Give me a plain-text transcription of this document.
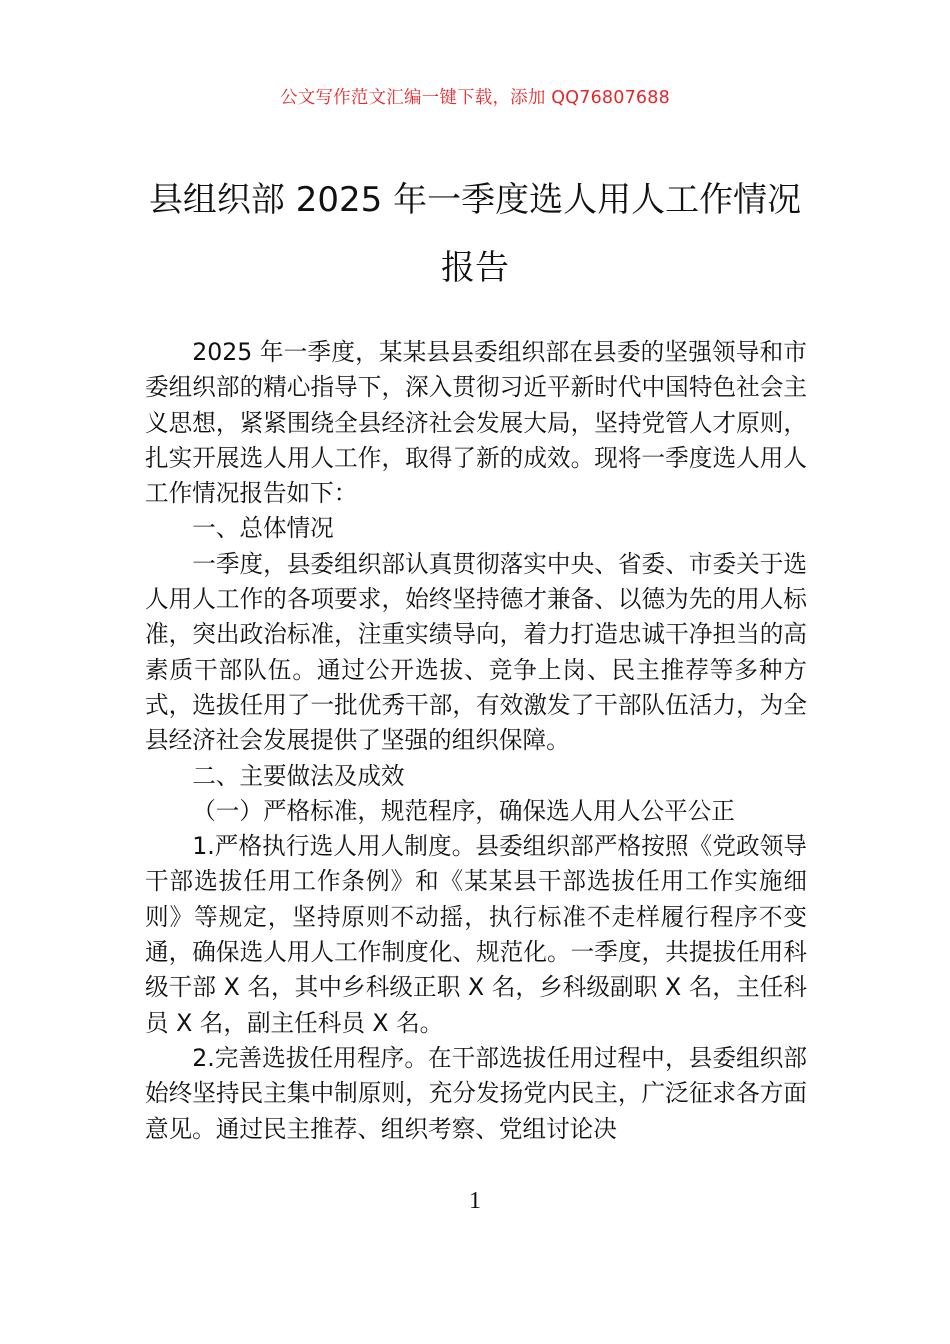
公文写作范文汇编一键下载，添加 QQ76807688
县组织部 2025 年一季度选人用人工作情况
报告

2025 年一季度，某某县县委组织部在县委的坚强领导和市委组织部的精心指导下，深入贯彻习近平新时代中国特色社会主义思想，紧紧围绕全县经济社会发展大局，坚持党管人才原则，扎实开展选人用人工作，取得了新的成效。现将一季度选人用人工作情况报告如下：

一、总体情况

一季度，县委组织部认真贯彻落实中央、省委、市委关于选人用人工作的各项要求，始终坚持德才兼备、以德为先的用人标准，突出政治标准，注重实绩导向，着力打造忠诚干净担当的高素质干部队伍。通过公开选拔、竞争上岗、民主推荐等多种方式，选拔任用了一批优秀干部，有效激发了干部队伍活力，为全县经济社会发展提供了坚强的组织保障。

二、主要做法及成效

（一）严格标准，规范程序，确保选人用人公平公正

1.严格执行选人用人制度。县委组织部严格按照《党政领导干部选拔任用工作条例》和《某某县干部选拔任用工作实施细则》等规定，坚持原则不动摇，执行标准不走样履行程序不变通，确保选人用人工作制度化、规范化。一季度，共提拔任用科级干部 X 名，其中乡科级正职 X 名，乡科级副职 X 名，主任科员 X 名，副主任科员 X 名。

2.完善选拔任用程序。在干部选拔任用过程中，县委组织部始终坚持民主集中制原则，充分发扬党内民主，广泛征求各方面意见。通过民主推荐、组织考察、党组讨论决

1
